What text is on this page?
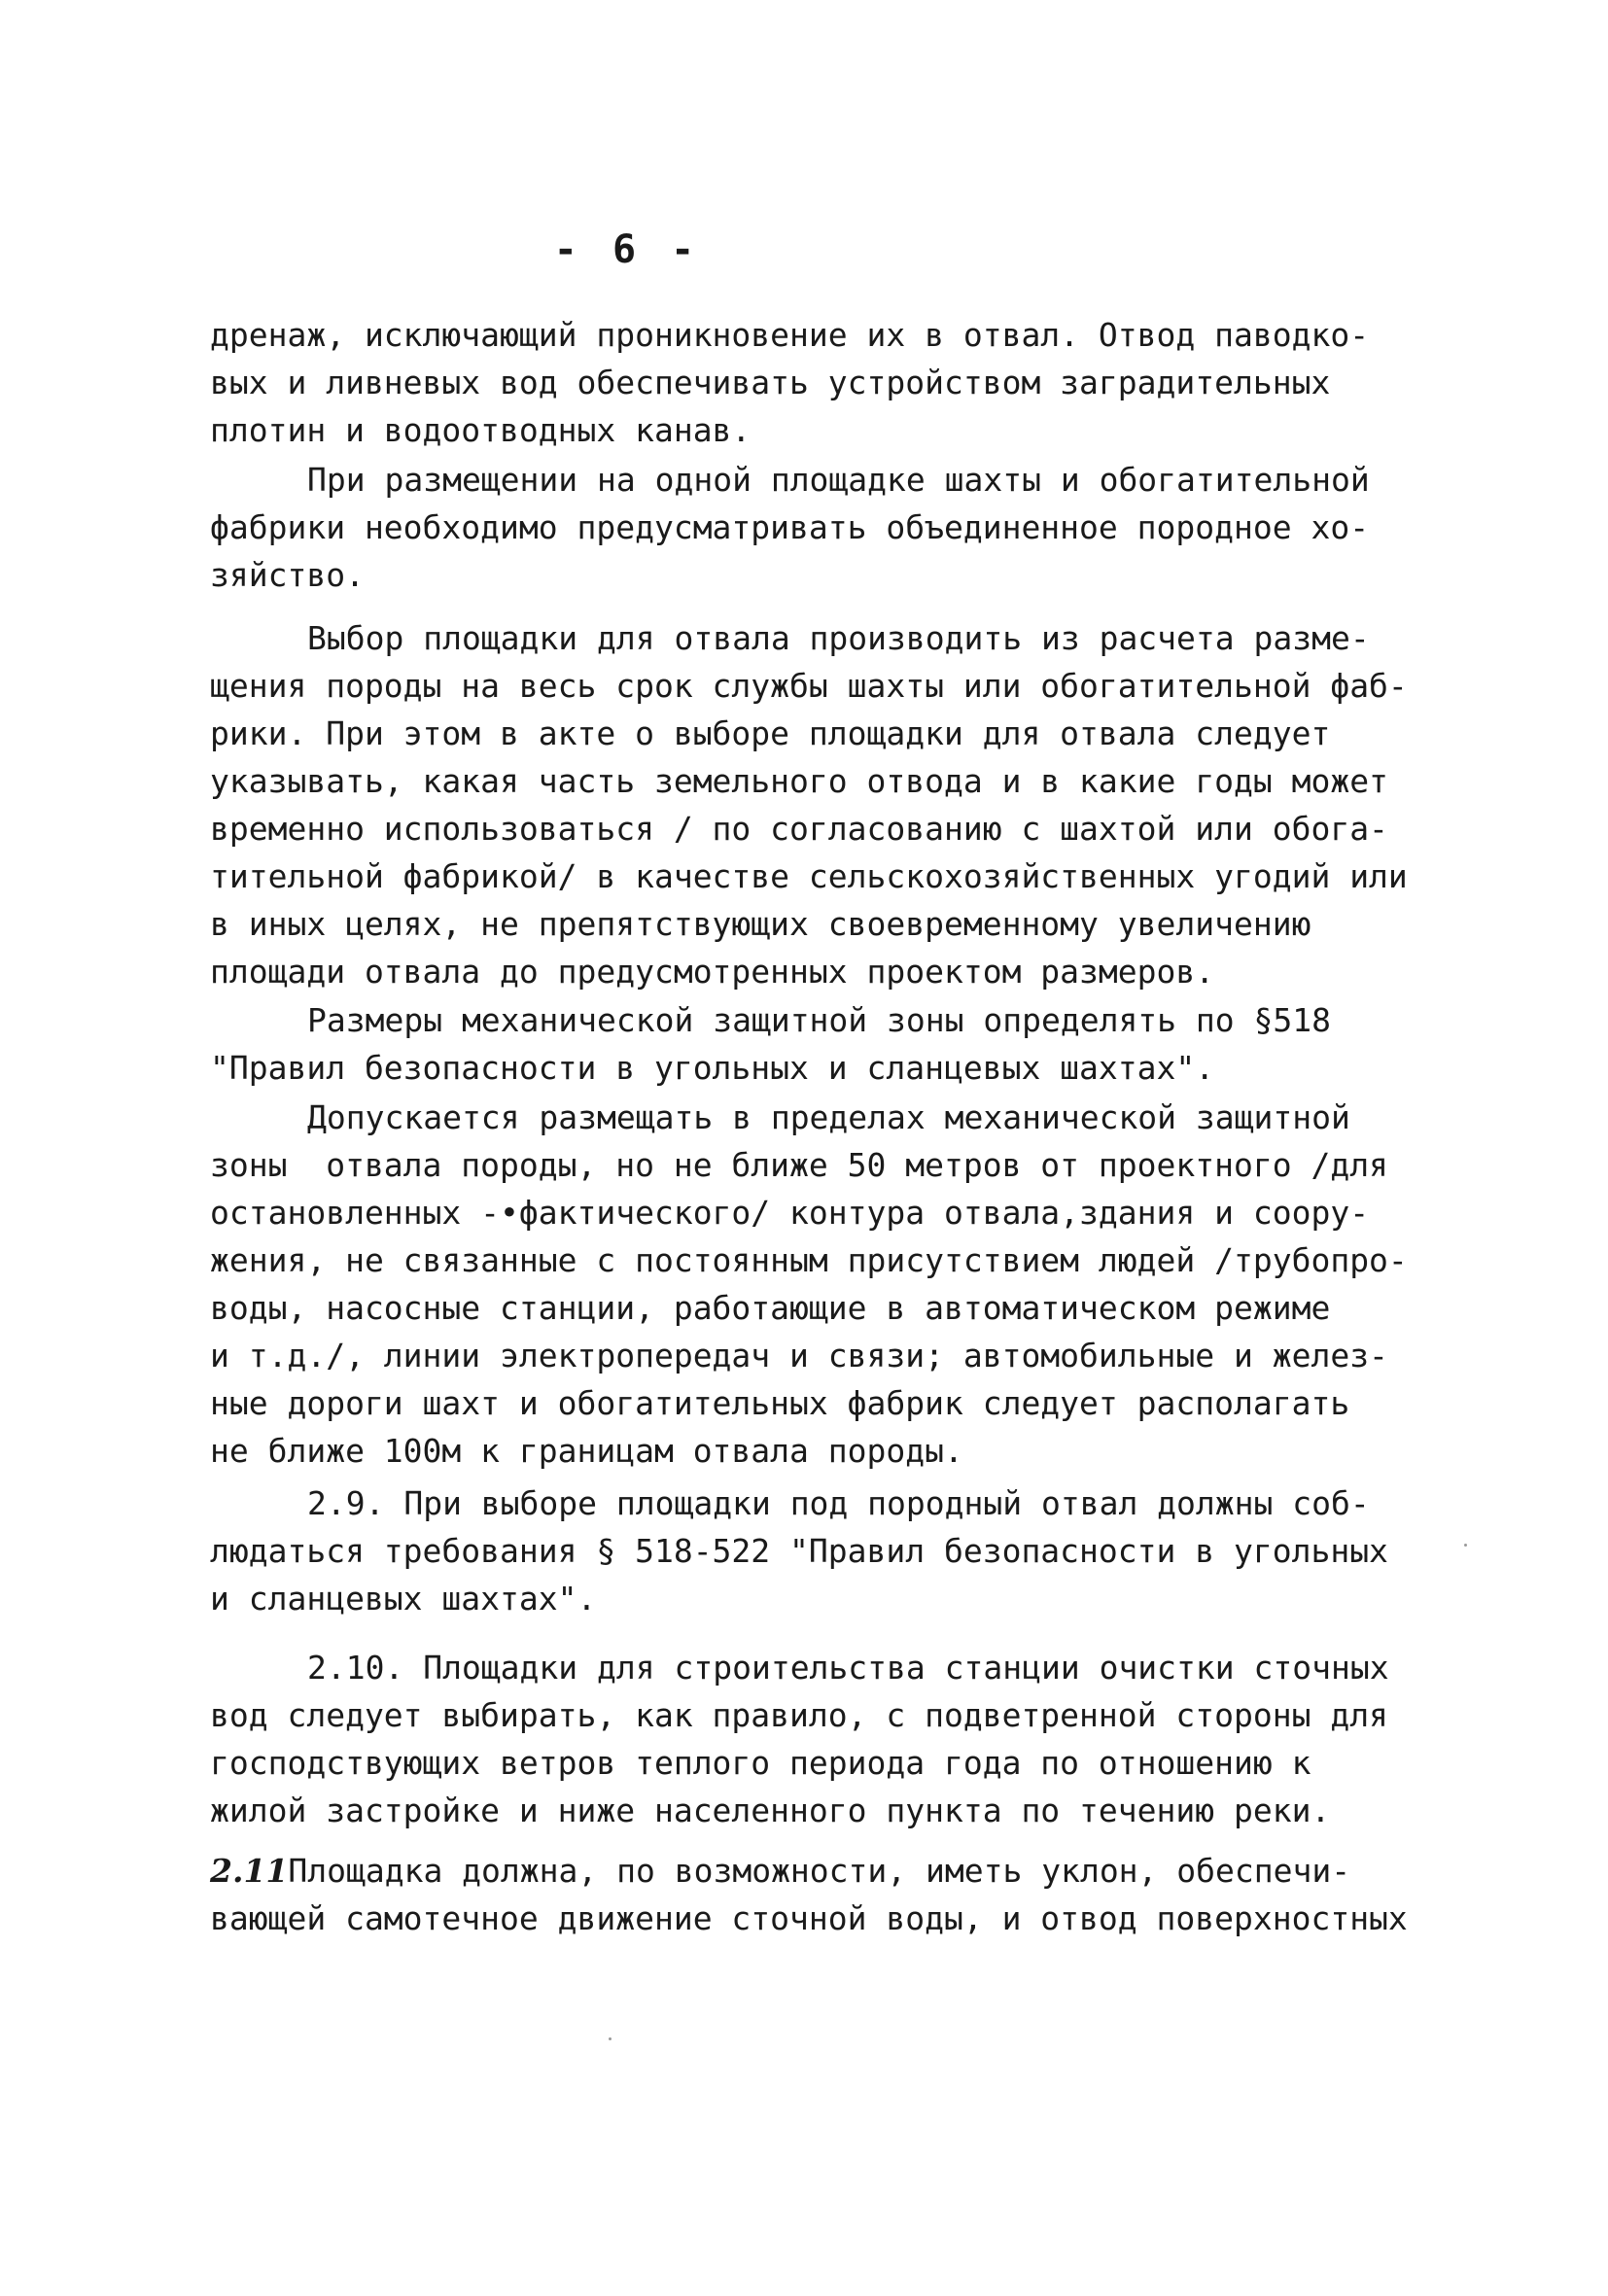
- 6 -
дренаж, исключающий проникновение их в отвал. Отвод паводко-
вых и ливневых вод обеспечивать устройством заградительных
плотин и водоотводных канав.
При размещении на одной площадке шахты и обогатительной
фабрики необходимо предусматривать объединенное породное хо-
зяйство.
Выбор площадки для отвала производить из расчета разме-
щения породы на весь срок службы шахты или обогатительной фаб-
рики. При этом в акте о выборе площадки для отвала следует
указывать, какая часть земельного отвода и в какие годы может
временно использоваться / по согласованию с шахтой или обога-
тительной фабрикой/ в качестве сельскохозяйственных угодий или
в иных целях, не препятствующих своевременному увеличению
площади отвала до предусмотренных проектом размеров.
Размеры механической защитной зоны определять по §518
"Правил безопасности в угольных и сланцевых шахтах".
Допускается размещать в пределах механической защитной
зоны  отвала породы, но не ближе 50 метров от проектного /для
остановленных -•фактического/ контура отвала,здания и соору-
жения, не связанные с постоянным присутствием людей /трубопро-
воды, насосные станции, работающие в автоматическом режиме
и т.д./, линии электропередач и связи; автомобильные и желез-
ные дороги шахт и обогатительных фабрик следует располагать
не ближе 100м к границам отвала породы.
2.9. При выборе площадки под породный отвал должны соб-
людаться требования § 518-522 "Правил безопасности в угольных
и сланцевых шахтах".
2.10. Площадки для строительства станции очистки сточных
вод следует выбирать, как правило, с подветренной стороны для
господствующих ветров теплого периода года по отношению к
жилой застройке и ниже населенного пункта по течению реки.
2.11Площадка должна, по возможности, иметь уклон, обеспечи-
вающей самотечное движение сточной воды, и отвод поверхностных
